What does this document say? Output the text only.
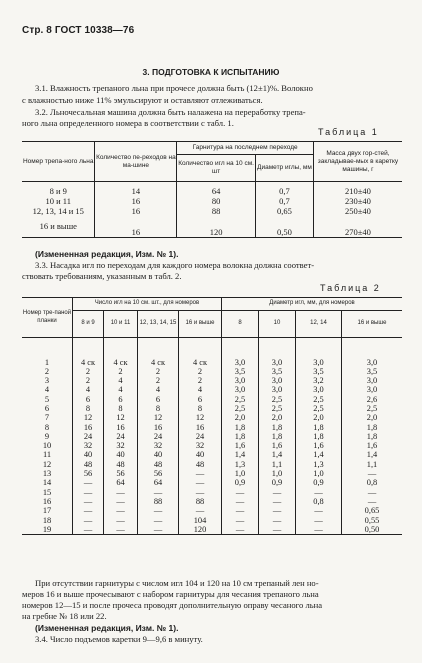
Стр. 8 ГОСТ 10338—76
3. ПОДГОТОВКА К ИСПЫТАНИЮ
3.1. Влажность трепаного льна при прочесе должна быть (12±1)%. Волокно
с влажностью ниже 11% эмульсируют и оставляют отлеживаться.
3.2. Льночесальная машина должна быть налажена на переработку трепа-
ного льна определенного номера в соответствии с табл. 1.
Таблица 1
Номер трепа-ного льна	Количество пе-реходов на ма-шине	Гарнитура на последнем переходе		Масса двух гор-стей, закладывае-мых в каретку машины, г
		Количество игл на 10 см. шт	Диаметр иглы, мм	

8 и 9	14	64	0,7	210±40
10 и 11	16	80	0,7	230±40
12, 13, 14 и 15	16	88	0,65	250±40
16 и выше	16	120	0,50	270±40
(Измененная редакция, Изм. № 1).
3.3. Насадка игл по переходам для каждого номера волокна должна соответ-
ствовать требованиям, указанным в табл. 2.
Таблица 2
Номер тре-паной планки	Число игл на 10 см. шт., для номеров				Диаметр игл, мм, для номеров			
	8 и 9	10 и 11	12, 13, 14, 15	16 и выше	8	10	12, 14	16 и выше

1	4 ск	4 ск	4 ск	4 ск	3,0	3,0	3,0	3,0
2	2	2	2	2	3,5	3,5	3,5	3,5
3	2	4	2	2	3,0	3,0	3,2	3,0
4	4	4	4	4	3,0	3,0	3,0	3,0
5	6	6	6	6	2,5	2,5	2,5	2,6
6	8	8	8	8	2,5	2,5	2,5	2,5
7	12	12	12	12	2,0	2,0	2,0	2,0
8	16	16	16	16	1,8	1,8	1,8	1,8
9	24	24	24	24	1,8	1,8	1,8	1,8
10	32	32	32	32	1,6	1,6	1,6	1,6
11	40	40	40	40	1,4	1,4	1,4	1,4
12	48	48	48	48	1,3	1,1	1,3	1,1
13	56	56	56	—	1,0	1,0	1,0	—
14	—	64	64	—	0,9	0,9	0,9	0,8
15	—	—	—	—	—	—	—	—
16	—	—	88	88	—	—	0,8	—
17	—	—	—	—	—	—	—	0,65
18	—	—	—	104	—	—	—	0,55
19	—	—	—	120	—	—	—	0,50
При отсутствии гарнитуры с числом игл 104 и 120 на 10 см трепаный лен но-
меров 16 и выше прочесывают с набором гарнитуры для чесания трепаного льна
номеров 12—15 и после прочеса проводят дополнительную оправу чесаного льна
на гребне № 18 или 22.
(Измененная редакция, Изм. № 1).
3.4. Число подъемов каретки 9—9,6 в минуту.
